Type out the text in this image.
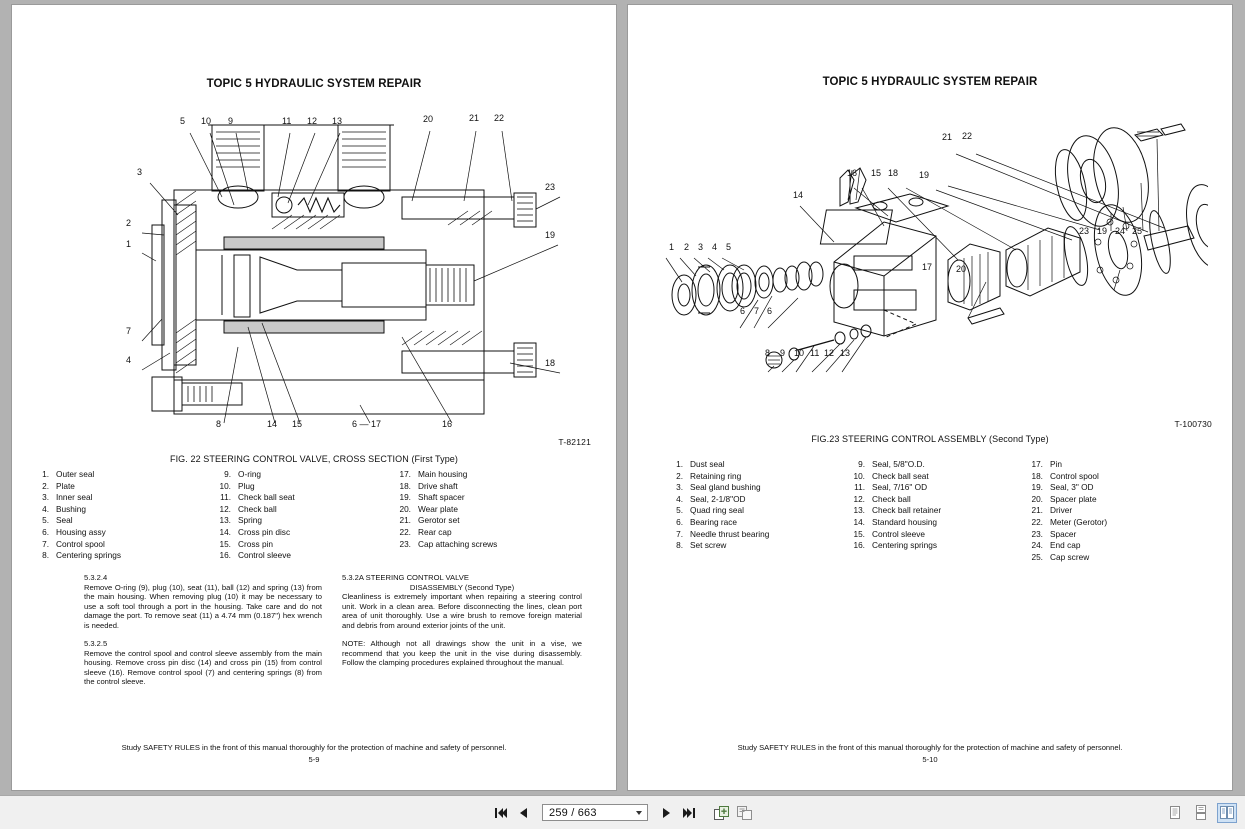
TOPIC 5 HYDRAULIC SYSTEM REPAIR
5 10 9	11 12 13	20	21 22
3
23
2
19
1
7
4	18
8	14 15	6 — 17	16
T-82121
FIG. 22 STEERING CONTROL VALVE, CROSS SECTION (First Type)
1. Outer seal
2. Plate
3. Inner seal
4. Bushing
5. Seal
6. Housing assy
7. Control spool
8. Centering springs
9. O-ring
10. Plug
11. Check ball seat
12. Check ball
13. Spring
14. Cross pin disc
15. Cross pin
16. Control sleeve
17. Main housing
18. Drive shaft
19. Shaft spacer
20. Wear plate
21. Gerotor set
22. Rear cap
23. Cap attaching screws

5.3.2.4

Remove O-ring (9), plug (10), seat (11), ball (12) and spring (13) from the main housing. When removing plug (10) it may be necessary to use a soft tool through a port in the housing. Take care and do not damage the port. To remove seat (11) a 4.74 mm (0.187") hex wrench is needed.

5.3.2.5

Remove the control spool and control sleeve assembly from the main housing. Remove cross pin disc (14) and cross pin (15) from control sleeve (16). Remove control spool (7) and centering springs (8) from the control sleeve.

5.3.2A STEERING CONTROL VALVE

DISASSEMBLY (Second Type)

Cleanliness is extremely important when repairing a steering control unit. Work in a clean area. Before disconnecting the lines, clean port area of unit thoroughly. Use a wire brush to remove foreign material and debris from around exterior joints of the unit.

NOTE: Although not all drawings show the unit in a vise, we recommend that you keep the unit in the vise during disassembly. Follow the clamping procedures explained throughout the manual.

Study SAFETY RULES in the front of this manual thoroughly for the protection of machine and safety of personnel.
5-9
TOPIC 5 HYDRAULIC SYSTEM REPAIR
21 22
16 15 18 19
14
23 19 24 25
1 2 3 4 5
17	20
6 7 6
8 9 10 11 12 13
T-100730
FIG.23 STEERING CONTROL ASSEMBLY (Second Type)
1. Dust seal
2. Retaining ring
3. Seal gland bushing
4. Seal, 2-1/8"OD
5. Quad ring seal
6. Bearing race
7. Needle thrust bearing
8. Set screw
9. Seal, 5/8"O.D.
10. Check ball seat
11. Seal, 7/16" OD
12. Check ball
13. Check ball retainer
14. Standard housing
15. Control sleeve
16. Centering springs
17. Pin
18. Control spool
19. Seal, 3" OD
20. Spacer plate
21. Driver
22. Meter (Gerotor)
23. Spacer
24. End cap
25. Cap screw
Study SAFETY RULES in the front of this manual thoroughly for the protection of machine and safety of personnel.
5-10
259 / 663
